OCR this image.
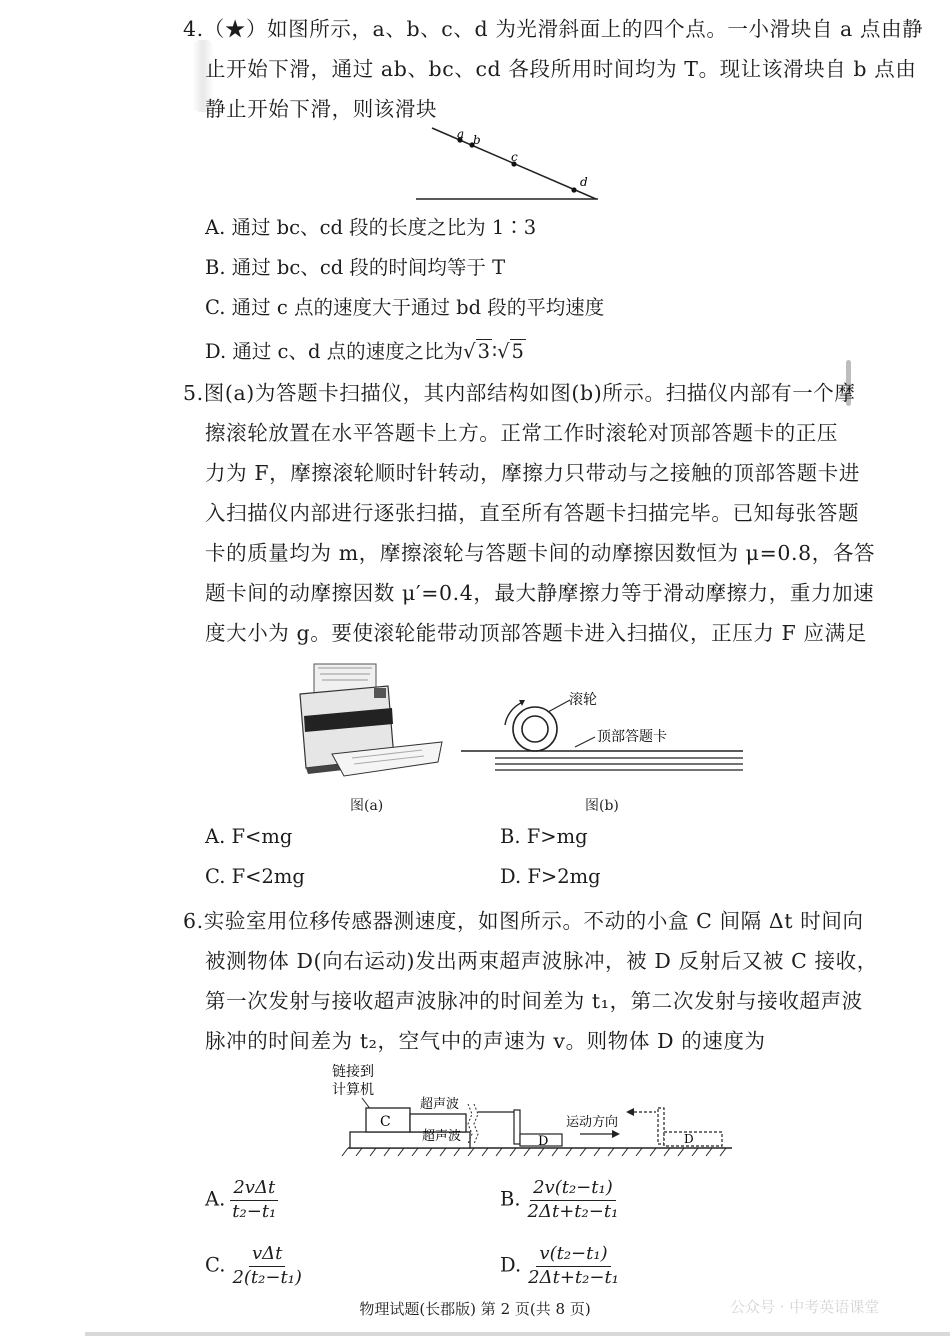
4.（★）如图所示，a、b、c、d 为光滑斜面上的四个点。一小滑块自 a 点由静
止开始下滑，通过 ab、bc、cd 各段所用时间均为 T。现让该滑块自 b 点由
静止开始下滑，则该滑块
a b
c
d
A. 通过 bc、cd 段的长度之比为 1∶3
B. 通过 bc、cd 段的时间均等于 T
C. 通过 c 点的速度大于通过 bd 段的平均速度
D. 通过 c、d 点的速度之比为√ 3 ∶√ 5
5.图(a)为答题卡扫描仪，其内部结构如图(b)所示。扫描仪内部有一个摩
擦滚轮放置在水平答题卡上方。正常工作时滚轮对顶部答题卡的正压
力为 F，摩擦滚轮顺时针转动，摩擦力只带动与之接触的顶部答题卡进
入扫描仪内部进行逐张扫描，直至所有答题卡扫描完毕。已知每张答题
卡的质量均为 m，摩擦滚轮与答题卡间的动摩擦因数恒为 μ=0.8，各答
题卡间的动摩擦因数 μ′=0.4，最大静摩擦力等于滑动摩擦力，重力加速
度大小为 g。要使滚轮能带动顶部答题卡进入扫描仪，正压力 F 应满足
图(a)
滚轮
顶部答题卡
图(b)
A. F<mg	B. F>mg
C. F<2mg	D. F>2mg
6.实验室用位移传感器测速度，如图所示。不动的小盒 C 间隔 Δt 时间向
被测物体 D(向右运动)发出两束超声波脉冲，被 D 反射后又被 C 接收，
第一次发射与接收超声波脉冲的时间差为 t₁，第二次发射与接收超声波
脉冲的时间差为 t₂，空气中的声速为 v。则物体 D 的速度为
链接到
计算机
C
超声波
超声波	D
运动方向
D
A. $\frac{\text{2vΔt}}{\text{t₂−t₁}}$	B. $\frac{\text{2v(t₂−t₁)}}{\text{2Δt+t₂−t₁}}$
C. $\frac{\text{vΔt}}{\text{2(t₂−t₁)}}$	D. $\frac{\text{v(t₂−t₁)}}{\text{2Δt+t₂−t₁}}$
物理试题(长郡版) 第 2 页(共 8 页)	公众号 · 中考英语课堂
